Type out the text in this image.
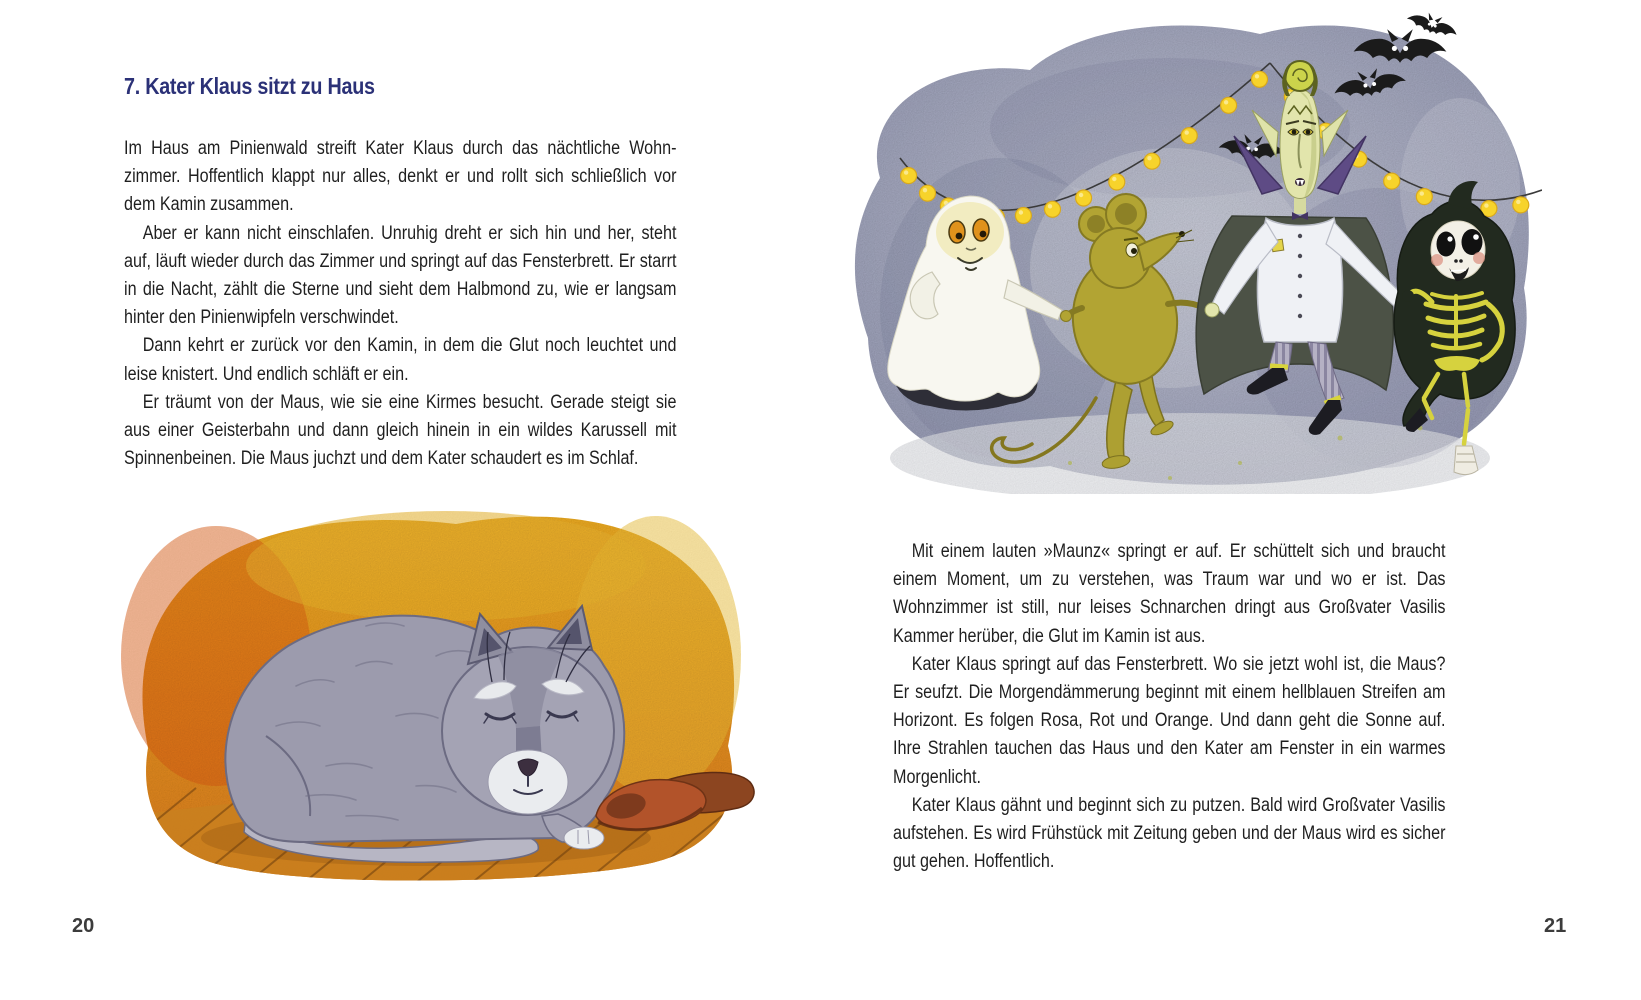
7. Kater Klaus sitzt zu Haus

Im Haus am Pinienwald streift Kater Klaus durch das nächtliche Wohnzimmer. Hoffentlich klappt nur alles, denkt er und rollt sich schließlich vor dem Kamin zusammen.

Aber er kann nicht einschlafen. Unruhig dreht er sich hin und her, steht auf, läuft wieder durch das Zimmer und springt auf das Fensterbrett. Er starrt in die Nacht, zählt die Sterne und sieht dem Halbmond zu, wie er langsam hinter den Pinienwipfeln verschwindet.

Dann kehrt er zurück vor den Kamin, in dem die Glut noch leuchtet und leise knistert. Und endlich schläft er ein.

Er träumt von der Maus, wie sie eine Kirmes besucht. Gerade steigt sie aus einer Geisterbahn und dann gleich hinein in ein wildes Karussell mit Spinnenbeinen. Die Maus juchzt und dem Kater schaudert es im Schlaf.

20

Mit einem lauten »Maunz« springt er auf. Er schüttelt sich und braucht einem Moment, um zu verstehen, was Traum war und wo er ist. Das Wohnzimmer ist still, nur leises Schnarchen dringt aus Großvater Vasilis Kammer herüber, die Glut im Kamin ist aus.

Kater Klaus springt auf das Fensterbrett. Wo sie jetzt wohl ist, die Maus? Er seufzt. Die Morgendämmerung beginnt mit einem hellblauen Streifen am Horizont. Es folgen Rosa, Rot und Orange. Und dann geht die Sonne auf. Ihre Strahlen tauchen das Haus und den Kater am Fenster in ein warmes Morgenlicht.

Kater Klaus gähnt und beginnt sich zu putzen. Bald wird Großvater Vasilis aufstehen. Es wird Frühstück mit Zeitung geben und der Maus wird es sicher gut gehen. Hoffentlich.

21
